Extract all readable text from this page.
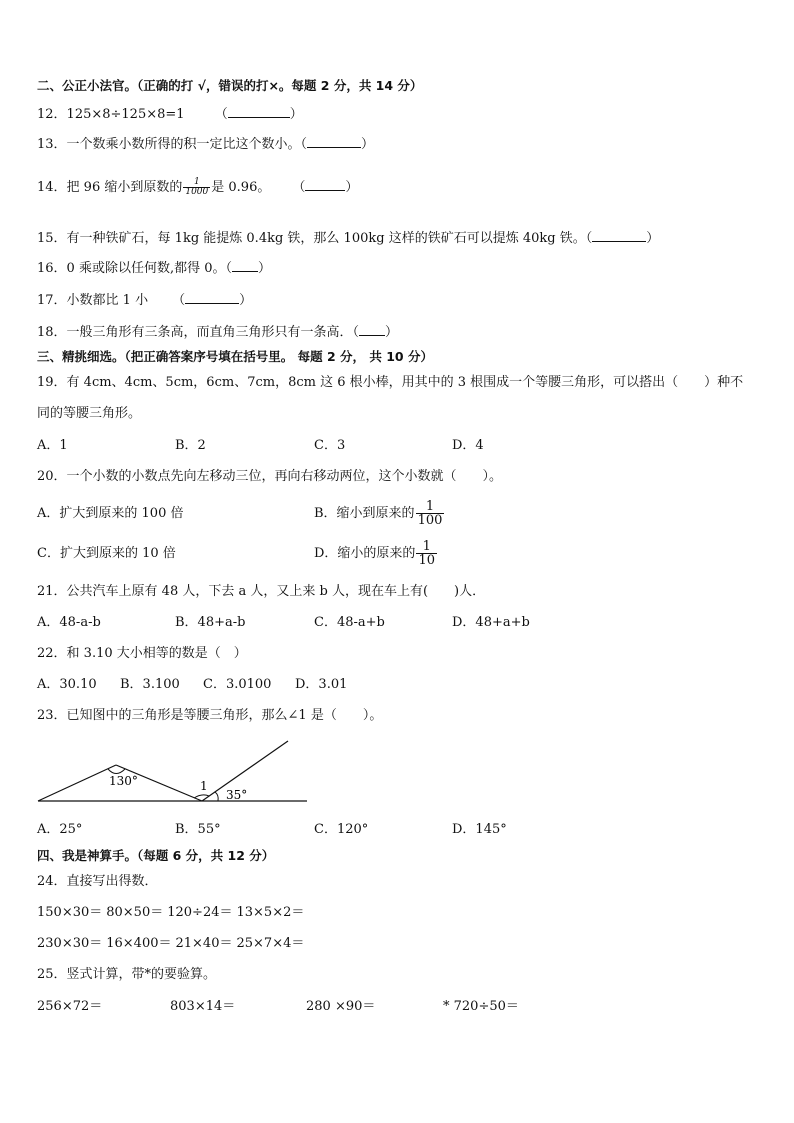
二、公正小法官。（正确的打 √，错误的打×。每题 2 分，共 14 分）
12．125×8÷125×8=1 （	）
13．一个数乘小数所得的积一定比这个数小。（	）
14．把 96 缩小到原数的 $\frac{1}{1000}$ 是 0.96。 （	）
15．有一种铁矿石，每 1kg 能提炼 0.4kg 铁，那么 100kg 这样的铁矿石可以提炼 40kg 铁。（	）
16．0 乘或除以任何数,都得 0。（ ）
17．小数都比 1 小 （	）
18．一般三角形有三条高，而直角三角形只有一条高．（ ）
三、精挑细选。（把正确答案序号填在括号里。 每题 2 分， 共 10 分）
19．有 4cm、4cm、5cm，6cm、7cm，8cm 这 6 根小棒，用其中的 3 根围成一个等腰三角形，可以搭出（　　）种不
同的等腰三角形。
A．1	B．2	C．3	D．4
20．一个小数的小数点先向左移动三位，再向右移动两位，这个小数就（　　）。
A．扩大到原来的 100 倍	B．缩小到原来的 $\frac{1}{100}$
C．扩大到原来的 10 倍	D．缩小的原来的 $\frac{1}{10}$
21．公共汽车上原有 48 人，下去 a 人，又上来 b 人，现在车上有(　　)人．
A．48-a-b	B．48+a-b	C．48-a+b	D．48+a+b
22．和 3.10 大小相等的数是（　）
A．30.10 B．3.100 C．3.0100 D．3.01
23．已知图中的三角形是等腰三角形，那么∠1 是（　　）。
130°	1
35°
A．25°	B．55°	C．120°	D．145°
四、我是神算手。（每题 6 分，共 12 分）
24．直接写出得数．
150×30＝ 80×50＝ 120÷24＝ 13×5×2＝
230×30＝ 16×400＝ 21×40＝ 25×7×4＝
25．竖式计算，带*的要验算。
256×72＝	803×14＝	280 ×90＝	* 720÷50＝
